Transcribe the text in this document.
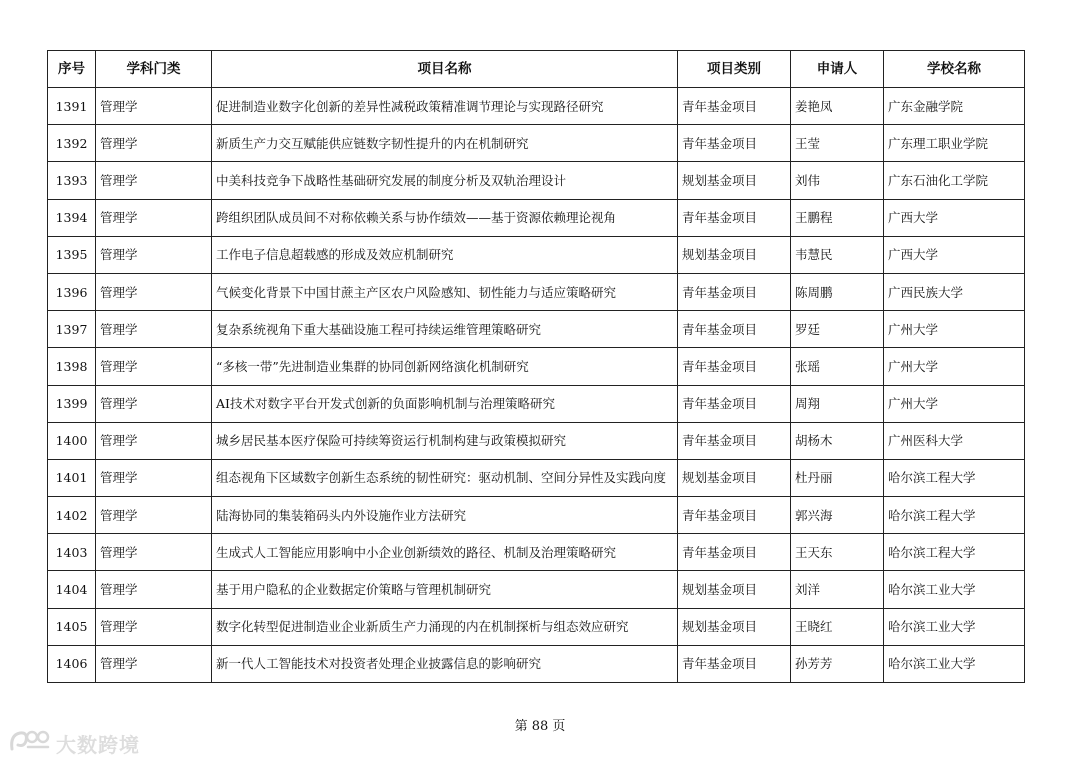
序号	学科门类	项目名称	项目类别	申请人	学校名称
1391	管理学	促进制造业数字化创新的差异性减税政策精准调节理论与实现路径研究	青年基金项目	姜艳凤	广东金融学院
1392	管理学	新质生产力交互赋能供应链数字韧性提升的内在机制研究	青年基金项目	王莹	广东理工职业学院
1393	管理学	中美科技竞争下战略性基础研究发展的制度分析及双轨治理设计	规划基金项目	刘伟	广东石油化工学院
1394	管理学	跨组织团队成员间不对称依赖关系与协作绩效——基于资源依赖理论视角	青年基金项目	王鹏程	广西大学
1395	管理学	工作电子信息超载感的形成及效应机制研究	规划基金项目	韦慧民	广西大学
1396	管理学	气候变化背景下中国甘蔗主产区农户风险感知、韧性能力与适应策略研究	青年基金项目	陈周鹏	广西民族大学
1397	管理学	复杂系统视角下重大基础设施工程可持续运维管理策略研究	青年基金项目	罗廷	广州大学
1398	管理学	“多核一带”先进制造业集群的协同创新网络演化机制研究	青年基金项目	张瑶	广州大学
1399	管理学	AI技术对数字平台开发式创新的负面影响机制与治理策略研究	青年基金项目	周翔	广州大学
1400	管理学	城乡居民基本医疗保险可持续筹资运行机制构建与政策模拟研究	青年基金项目	胡杨木	广州医科大学
1401	管理学	组态视角下区域数字创新生态系统的韧性研究：驱动机制、空间分异性及实践向度	规划基金项目	杜丹丽	哈尔滨工程大学
1402	管理学	陆海协同的集装箱码头内外设施作业方法研究	青年基金项目	郭兴海	哈尔滨工程大学
1403	管理学	生成式人工智能应用影响中小企业创新绩效的路径、机制及治理策略研究	青年基金项目	王天东	哈尔滨工程大学
1404	管理学	基于用户隐私的企业数据定价策略与管理机制研究	规划基金项目	刘洋	哈尔滨工业大学
1405	管理学	数字化转型促进制造业企业新质生产力涌现的内在机制探析与组态效应研究	规划基金项目	王晓红	哈尔滨工业大学
1406	管理学	新一代人工智能技术对投资者处理企业披露信息的影响研究	青年基金项目	孙芳芳	哈尔滨工业大学
第 88 页
大数跨境
